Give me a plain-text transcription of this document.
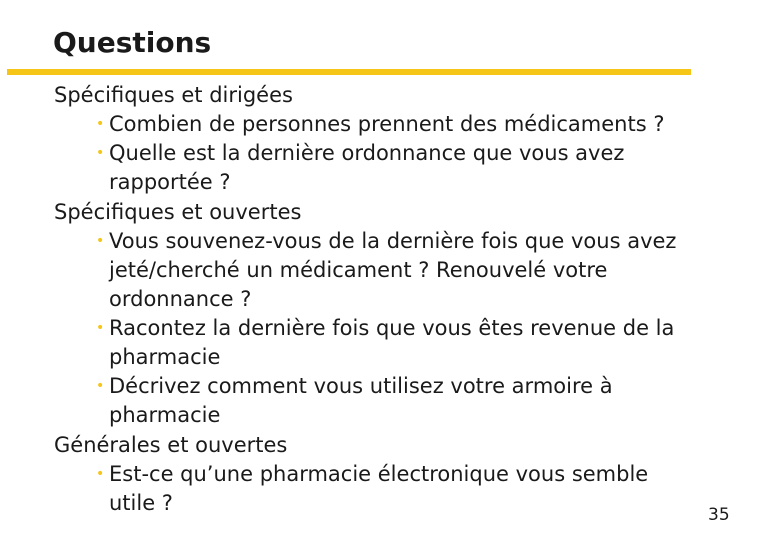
Questions
Spécifiques et dirigées
• Combien de personnes prennent des médicaments ?
• Quelle est la dernière ordonnance que vous avez rapportée ?
Spécifiques et ouvertes
• Vous souvenez-vous de la dernière fois que vous avez jeté/cherché un médicament ? Renouvelé votre ordonnance ?
• Racontez la dernière fois que vous êtes revenue de la pharmacie
• Décrivez comment vous utilisez votre armoire à pharmacie
Générales et ouvertes
• Est-ce qu’une pharmacie électronique vous semble utile ?	35
